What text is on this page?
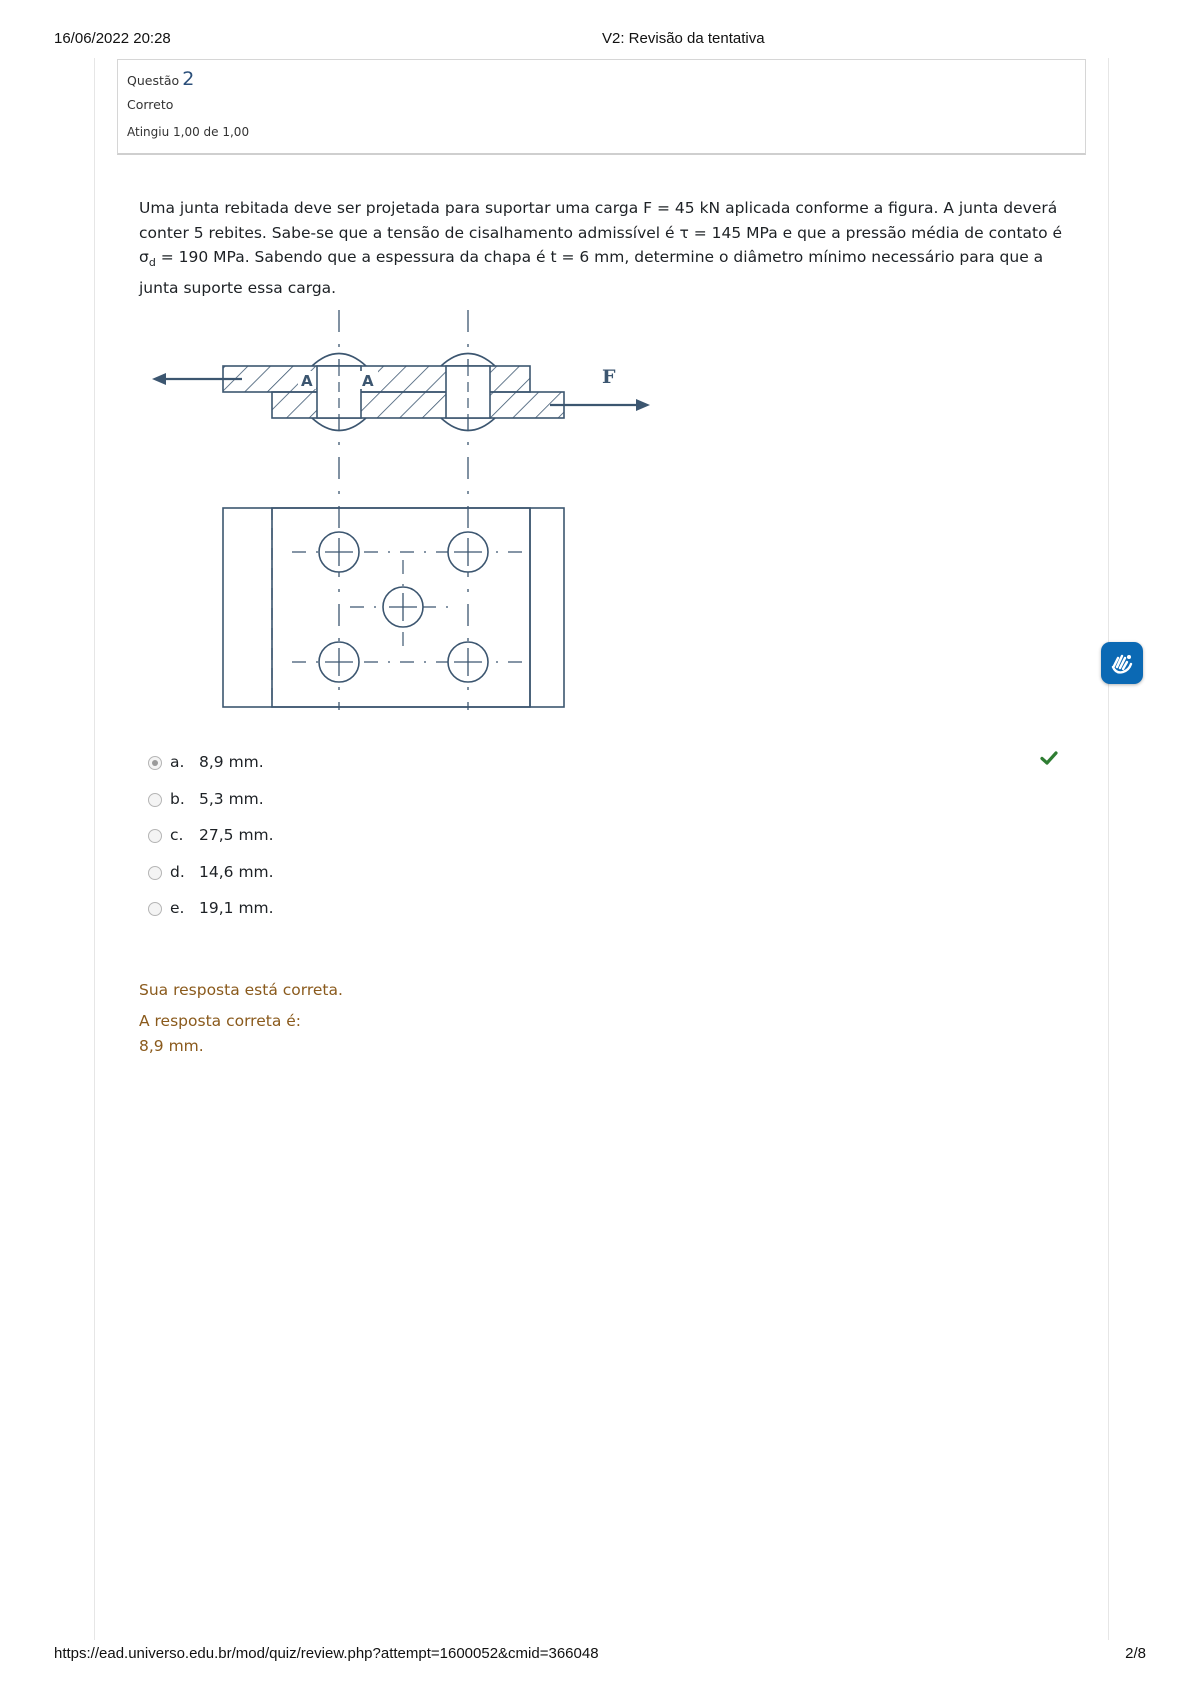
16/06/2022 20:28	V2: Revisão da tentativa
Questão 2
Correto
Atingiu 1,00 de 1,00

Uma junta rebitada deve ser projetada para suportar uma carga F = 45 kN aplicada conforme a figura. A junta deverá conter 5 rebites. Sabe-se que a tensão de cisalhamento admissível é τ = 145 MPa e que a pressão média de contato é $\sigma_d = 190$ MPa. Sabendo que a espessura da chapa é t = 6 mm, determine o diâmetro mínimo necessário para que a junta suporte essa carga.

A	A	F
a. 8,9 mm.
b. 5,3 mm.
c. 27,5 mm.
d. 14,6 mm.
e. 19,1 mm.
Sua resposta está correta.
A resposta correta é:
8,9 mm.
https://ead.universo.edu.br/mod/quiz/review.php?attempt=1600052&cmid=366048	2/8
